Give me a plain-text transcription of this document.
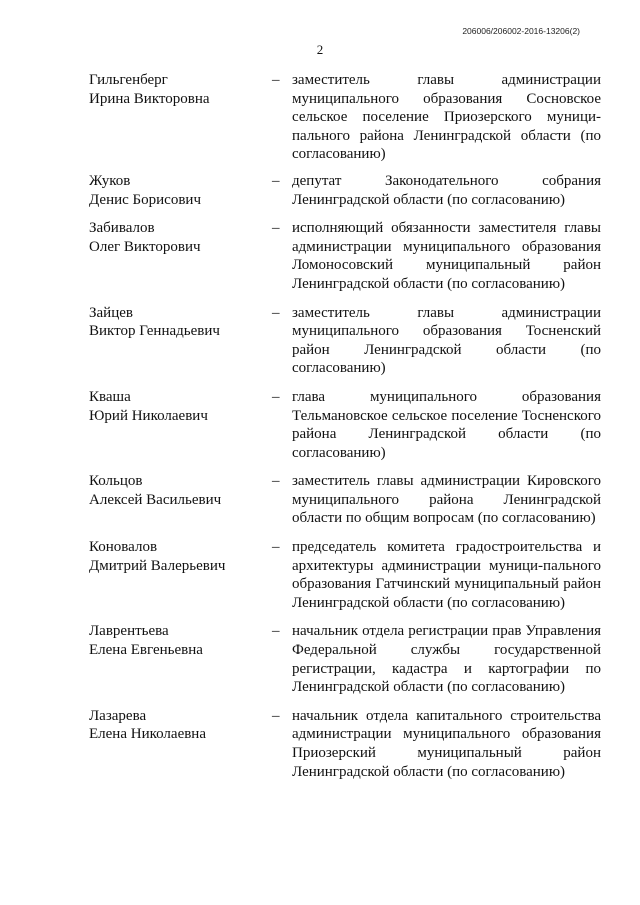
206006/206002-2016-13206(2)
2
Гильгенберг
Ирина Викторовна
– заместитель главы администрации муниципального образования Сосновское сельское поселение Приозерского муници-пального района Ленинградской области (по согласованию)
Жуков
Денис Борисович
– депутат Законодательного собрания Ленинградской области (по согласованию)
Забивалов
Олег Викторович
– исполняющий обязанности заместителя главы администрации муниципального образования Ломоносовский муниципальный район Ленинградской области (по согласованию)
Зайцев
Виктор Геннадьевич
– заместитель главы администрации муниципального образования Тосненский район Ленинградской области (по согласованию)
Кваша
Юрий Николаевич
– глава муниципального образования Тельмановское сельское поселение Тосненского района Ленинградской области (по согласованию)
Кольцов
Алексей Васильевич
– заместитель главы администрации Кировского муниципального района Ленинградской области по общим вопросам (по согласованию)
Коновалов
Дмитрий Валерьевич
– председатель комитета градостроительства и архитектуры администрации муници-пального образования Гатчинский муниципальный район Ленинградской области (по согласованию)
Лаврентьева
Елена Евгеньевна
– начальник отдела регистрации прав Управления Федеральной службы государственной регистрации, кадастра и картографии по Ленинградской области (по согласованию)
Лазарева
Елена Николаевна
– начальник отдела капитального строительства администрации муниципального образования Приозерский муниципальный район Ленинградской области (по согласованию)
